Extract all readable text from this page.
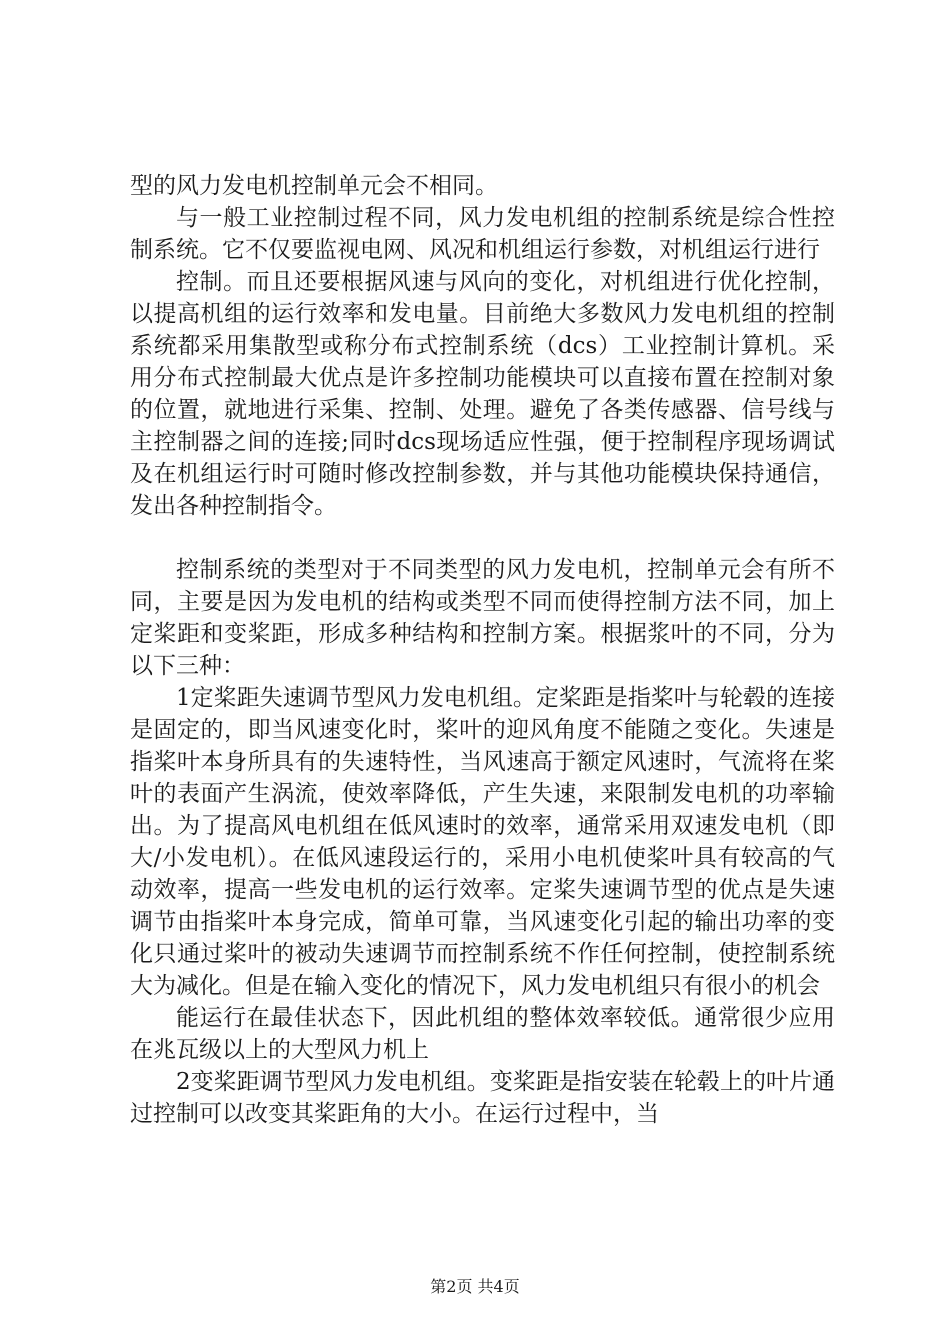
型的风力发电机控制单元会不相同。

与一般工业控制过程不同，风力发电机组的控制系统是综合性控制系统。它不仅要监视电网、风况和机组运行参数，对机组运行进行

控制。而且还要根据风速与风向的变化，对机组进行优化控制，以提高机组的运行效率和发电量。目前绝大多数风力发电机组的控制系统都采用集散型或称分布式控制系统（dcs）工业控制计算机。采用分布式控制最大优点是许多控制功能模块可以直接布置在控制对象的位置，就地进行采集、控制、处理。避免了各类传感器、信号线与主控制器之间的连接;同时dcs现场适应性强，便于控制程序现场调试及在机组运行时可随时修改控制参数，并与其他功能模块保持通信，发出各种控制指令。

控制系统的类型对于不同类型的风力发电机，控制单元会有所不同，主要是因为发电机的结构或类型不同而使得控制方法不同，加上定桨距和变桨距，形成多种结构和控制方案。根据浆叶的不同，分为以下三种：

1定桨距失速调节型风力发电机组。定桨距是指桨叶与轮毂的连接是固定的，即当风速变化时，桨叶的迎风角度不能随之变化。失速是指桨叶本身所具有的失速特性，当风速高于额定风速时，气流将在桨叶的表面产生涡流，使效率降低，产生失速，来限制发电机的功率输出。为了提高风电机组在低风速时的效率，通常采用双速发电机（即大/小发电机）。在低风速段运行的，采用小电机使桨叶具有较高的气动效率，提高一些发电机的运行效率。定桨失速调节型的优点是失速调节由指桨叶本身完成，简单可靠，当风速变化引起的输出功率的变化只通过桨叶的被动失速调节而控制系统不作任何控制，使控制系统大为减化。但是在输入变化的情况下，风力发电机组只有很小的机会

能运行在最佳状态下，因此机组的整体效率较低。通常很少应用在兆瓦级以上的大型风力机上

2变桨距调节型风力发电机组。变桨距是指安装在轮毂上的叶片通过控制可以改变其桨距角的大小。在运行过程中，当

第2页 共4页
